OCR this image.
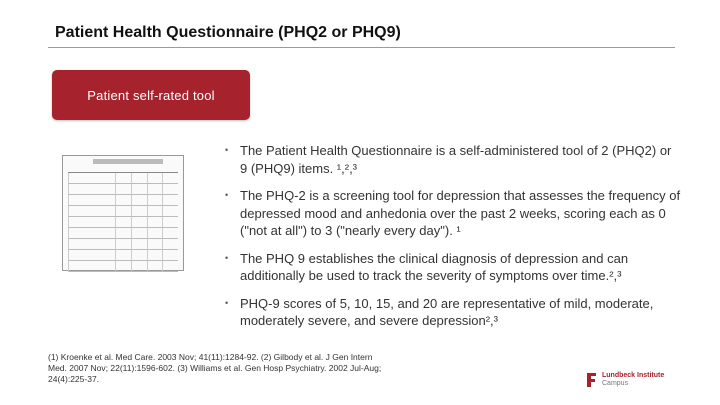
Patient Health Questionnaire (PHQ2 or PHQ9)
Patient self-rated tool
• The Patient Health Questionnaire is a self-administered tool of 2 (PHQ2) or 9 (PHQ9) items. ¹,²,³
• The PHQ-2 is a screening tool for depression that assesses the frequency of depressed mood and anhedonia over the past 2 weeks, scoring each as 0 ("not at all") to 3 ("nearly every day"). ¹
• The PHQ 9 establishes the clinical diagnosis of depression and can additionally be used to track the severity of symptoms over time.²,³
• PHQ-9 scores of 5, 10, 15, and 20 are representative of mild, moderate, moderately severe, and severe depression²,³
(1) Kroenke et al. Med Care. 2003 Nov; 41(11):1284-92. (2) Gilbody et al. J Gen Intern Med. 2007 Nov; 22(11):1596-602. (3) Williams et al. Gen Hosp Psychiatry. 2002 Jul-Aug; 24(4):225-37.	Lundbeck Institute
Campus
